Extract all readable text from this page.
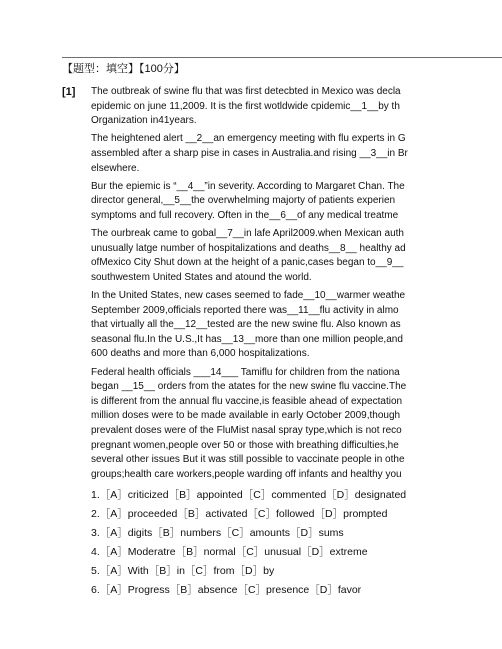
【题型：填空】【100分】
[1] The outbreak of swine flu that was first detecbted in Mexico was decla
epidemic on june 11,2009. It is the first wotldwide cpidemic__1__by th
Organization in41years.
The heightened alert __2__an emergency meeting with flu experts in G
assembled after a sharp pise in cases in Australia.and rising __3__in Br
elsewhere.
Bur the epiemic is “__4__”in severity. According to Margaret Chan. The
director general,__5__the overwhelming majorty of patients experien
symptoms and full recovery. Often in the__6__of any medical treatme
The ourbreak came to gobal__7__in lafe April2009.when Mexican auth
unusually latge number of hospitalizations and deaths__8__ healthy ad
ofMexico City Shut down at the height of a panic,cases began to__9__
southwestem United States and atound the world.
In the United States, new cases seemed to fade__10__warmer weathe
September 2009,officials reported there was__11__flu activity in almo
that virtually all the__12__tested are the new swine flu. Also known as
seasonal flu.In the U.S.,It has__13__more than one million people,and
600 deaths and more than 6,000 hospitalizations.
Federal health officials ___14___ Tamiflu for children from the nationa
began __15__ orders from the atates for the new swine flu vaccine.The
is different from the annual flu vaccine,is feasible ahead of expectation
million doses were to be made available in early October 2009,though
prevalent doses were of the FluMist nasal spray type,which is not reco
pregnant women,people over 50 or those with breathing difficulties,he
several other issues But it was still possible to vaccinate people in othe
groups;health care workers,people warding off infants and healthy you
1.［A］criticized［B］appointed［C］commented［D］designated
2.［A］proceeded［B］activated［C］followed［D］prompted
3.［A］digits［B］numbers［C］amounts［D］sums
4.［A］Moderatre［B］normal［C］unusual［D］extreme
5.［A］With［B］in［C］from［D］by
6.［A］Progress［B］absence［C］presence［D］favor
